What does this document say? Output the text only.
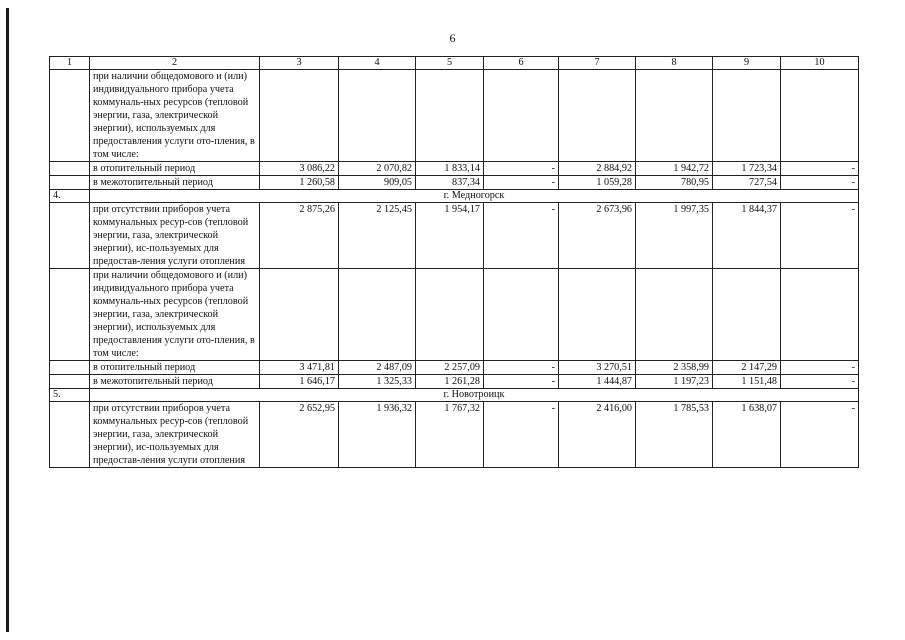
6
1	2	3	4	5	6	7	8	9	10
	при наличии общедомового и (или) индивидуального прибора учета коммуналь-ных ресурсов (тепловой энергии, газа, электрической энергии), используемых для предоставления услуги ото-пления, в том числе:								
	в отопительный период	3 086,22	2 070,82	1 833,14	-	2 884,92	1 942,72	1 723,34	-
	в межотопительный период	1 260,58	909,05	837,34	-	1 059,28	780,95	727,54	-
4.	г. Медногорск								
	при отсутствии приборов учета коммунальных ресур-сов (тепловой энергии, газа, электрической энергии), ис-пользуемых для предостав-ления услуги отопления	2 875,26	2 125,45	1 954,17	-	2 673,96	1 997,35	1 844,37	-
	при наличии общедомового и (или) индивидуального прибора учета коммуналь-ных ресурсов (тепловой энергии, газа, электрической энергии), используемых для предоставления услуги ото-пления, в том числе:								
	в отопительный период	3 471,81	2 487,09	2 257,09	-	3 270,51	2 358,99	2 147,29	-
	в межотопительный период	1 646,17	1 325,33	1 261,28	-	1 444,87	1 197,23	1 151,48	-
5.	г. Новотроицк								
	при отсутствии приборов учета коммунальных ресур-сов (тепловой энергии, газа, электрической энергии), ис-пользуемых для предостав-ления услуги отопления	2 652,95	1 936,32	1 767,32	-	2 416,00	1 785,53	1 638,07	-
